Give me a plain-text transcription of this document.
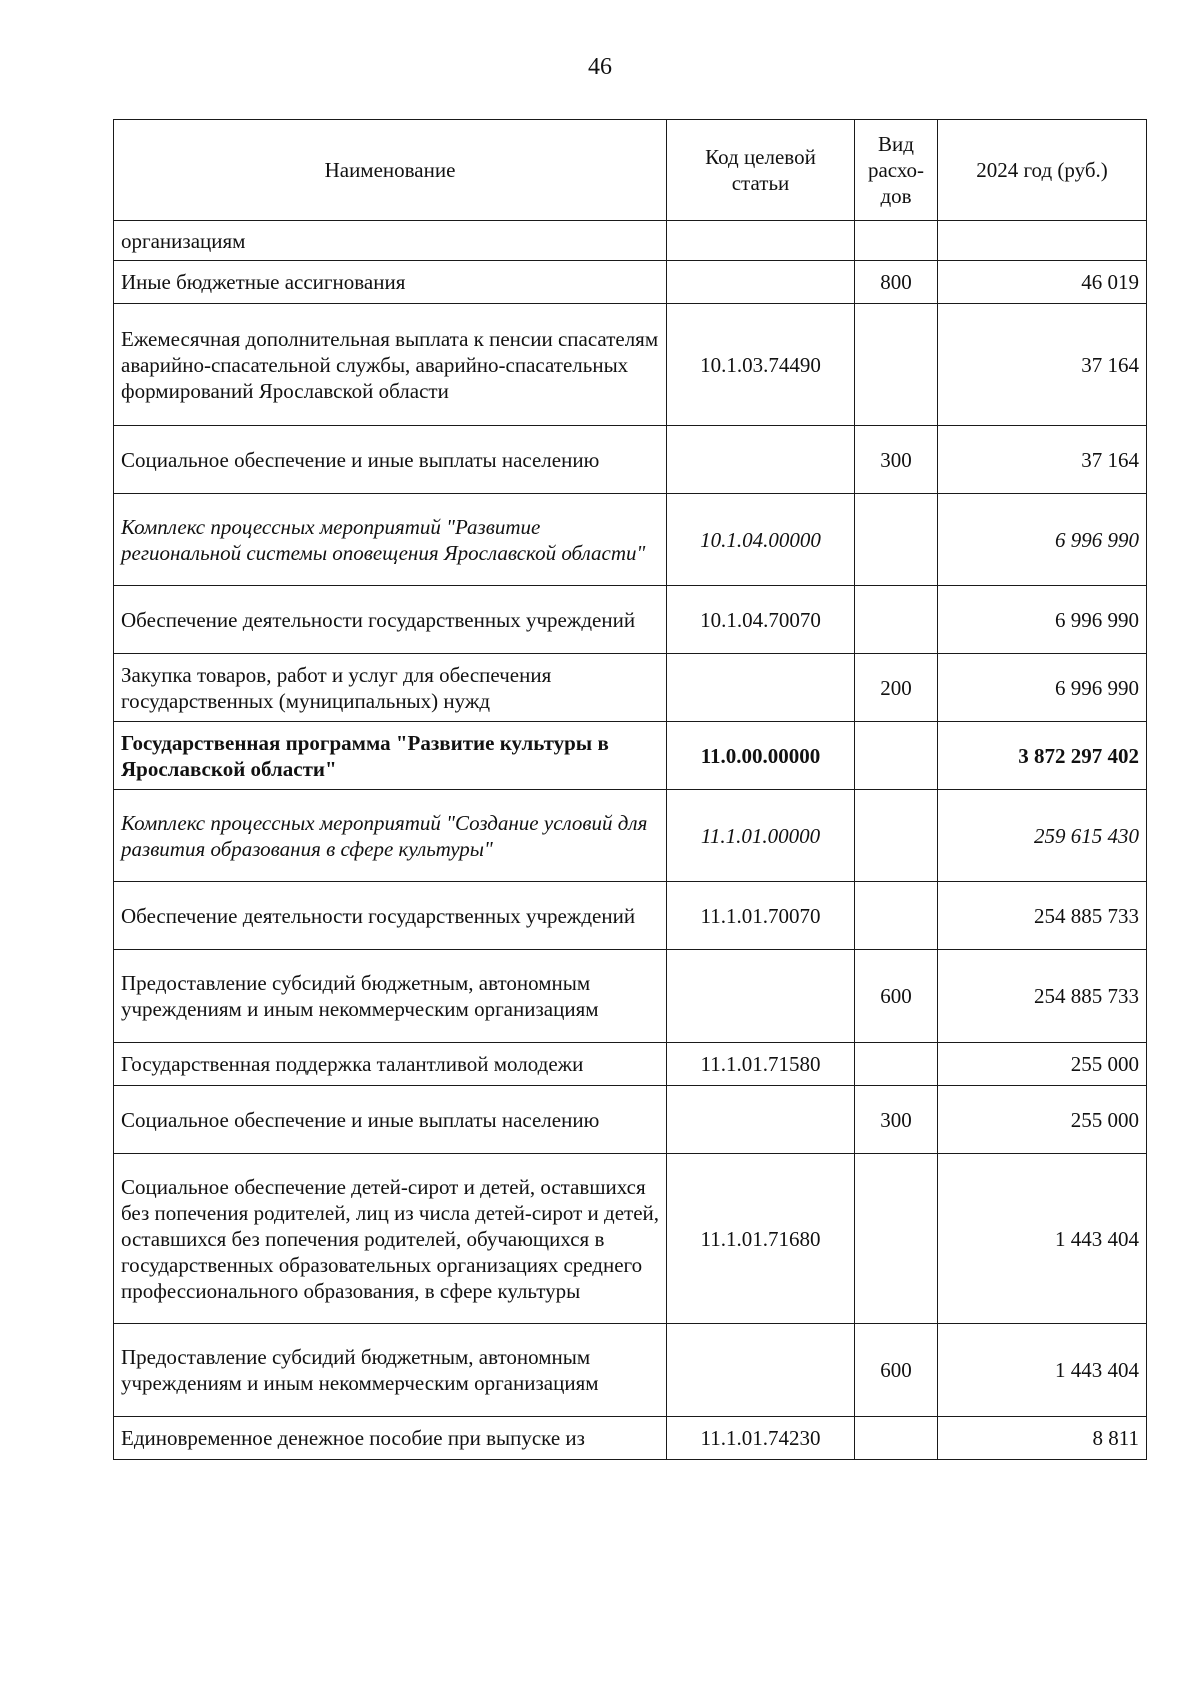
46
Наименование	Код целевой статьи	Вид расхо-дов	2024 год (руб.)
организациям			
Иные бюджетные ассигнования		800	46 019
Ежемесячная дополнительная выплата к пенсии спасателям аварийно-спасательной службы, аварийно-спасательных формирований Ярославской области	10.1.03.74490		37 164
Социальное обеспечение и иные выплаты населению		300	37 164
Комплекс процессных мероприятий "Развитие региональной системы оповещения Ярославской области"	10.1.04.00000		6 996 990
Обеспечение деятельности государственных учреждений	10.1.04.70070		6 996 990
Закупка товаров, работ и услуг для обеспечения государственных (муниципальных) нужд		200	6 996 990
Государственная программа "Развитие культуры в Ярославской области"	11.0.00.00000		3 872 297 402
Комплекс процессных мероприятий "Создание условий для развития образования в сфере культуры"	11.1.01.00000		259 615 430
Обеспечение деятельности государственных учреждений	11.1.01.70070		254 885 733
Предоставление субсидий бюджетным, автономным учреждениям и иным некоммерческим организациям		600	254 885 733
Государственная поддержка талантливой молодежи	11.1.01.71580		255 000
Социальное обеспечение и иные выплаты населению		300	255 000
Социальное обеспечение детей-сирот и детей, оставшихся без попечения родителей, лиц из числа детей-сирот и детей, оставшихся без попечения родителей, обучающихся в государственных образовательных организациях среднего профессионального образования, в сфере культуры	11.1.01.71680		1 443 404
Предоставление субсидий бюджетным, автономным учреждениям и иным некоммерческим организациям		600	1 443 404
Единовременное денежное пособие при выпуске из	11.1.01.74230		8 811
